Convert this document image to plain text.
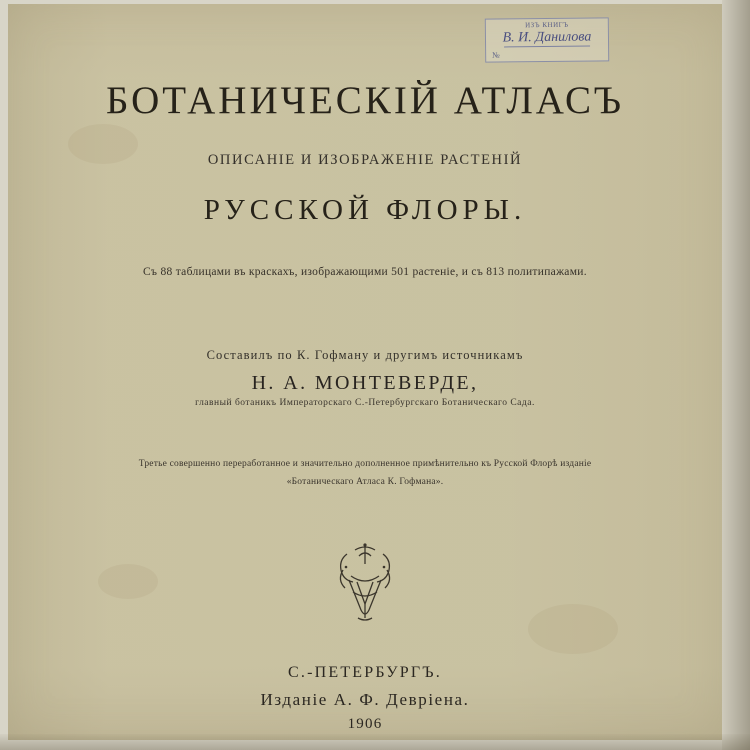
ИЗЪ КНИГЪ
В. И. Данилова
№
БОТАНИЧЕСКIЙ АТЛАСЪ
ОПИСАНIЕ И ИЗОБРАЖЕНIЕ РАСТЕНIЙ
РУССКОЙ ФЛОРЫ.
Съ 88 таблицами въ краскахъ, изображающими 501 растенiе, и съ 813 политипажами.
Составилъ по К. Гофману и другимъ источникамъ
Н. А. МОНТЕВЕРДЕ,
главный ботаникъ Императорскаго С.-Петербургскаго Ботаническаго Сада.
Третье совершенно переработанное и значительно дополненное примѣнительно къ Русской Флорѣ изданіе
«Ботаническаго Атласа К. Гофмана».
С.-ПЕТЕРБУРГЪ.
Изданiе А. Ф. Девріена.
1906
